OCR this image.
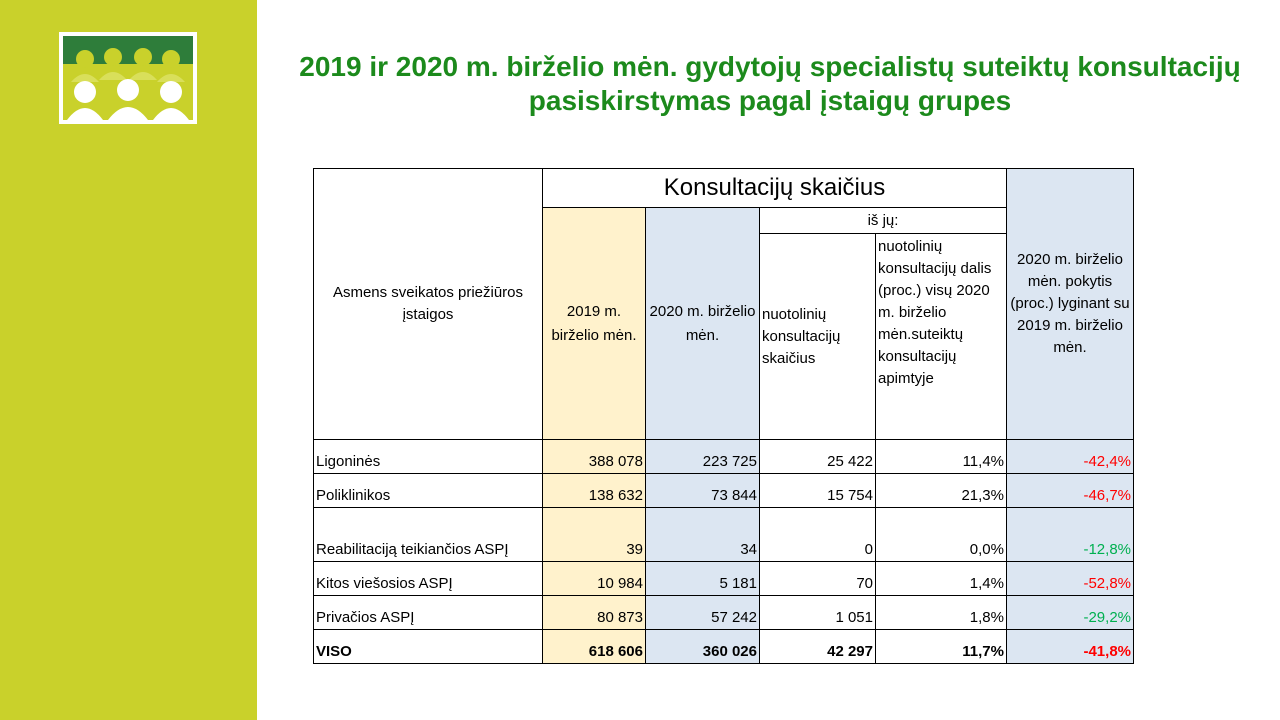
2019 ir 2020 m. birželio mėn. gydytojų specialistų suteiktų konsultacijų pasiskirstymas pagal įstaigų grupes
Asmens sveikatos priežiūros įstaigos	Konsultacijų skaičius				2020 m. birželio mėn. pokytis (proc.) lyginant su 2019 m. birželio mėn.
	2019 m. birželio mėn.	2020 m. birželio mėn.	iš jų:		
			nuotolinių konsultacijų skaičius	nuotolinių konsultacijų dalis (proc.) visų 2020 m. birželio mėn.suteiktų konsultacijų apimtyje	
Ligoninės	388 078	223 725	25 422	11,4%	-42,4%
Poliklinikos	138 632	73 844	15 754	21,3%	-46,7%
Reabilitaciją teikiančios ASPĮ	39	34	0	0,0%	-12,8%
Kitos viešosios ASPĮ	10 984	5 181	70	1,4%	-52,8%
Privačios ASPĮ	80 873	57 242	1 051	1,8%	-29,2%
VISO	618 606	360 026	42 297	11,7%	-41,8%
